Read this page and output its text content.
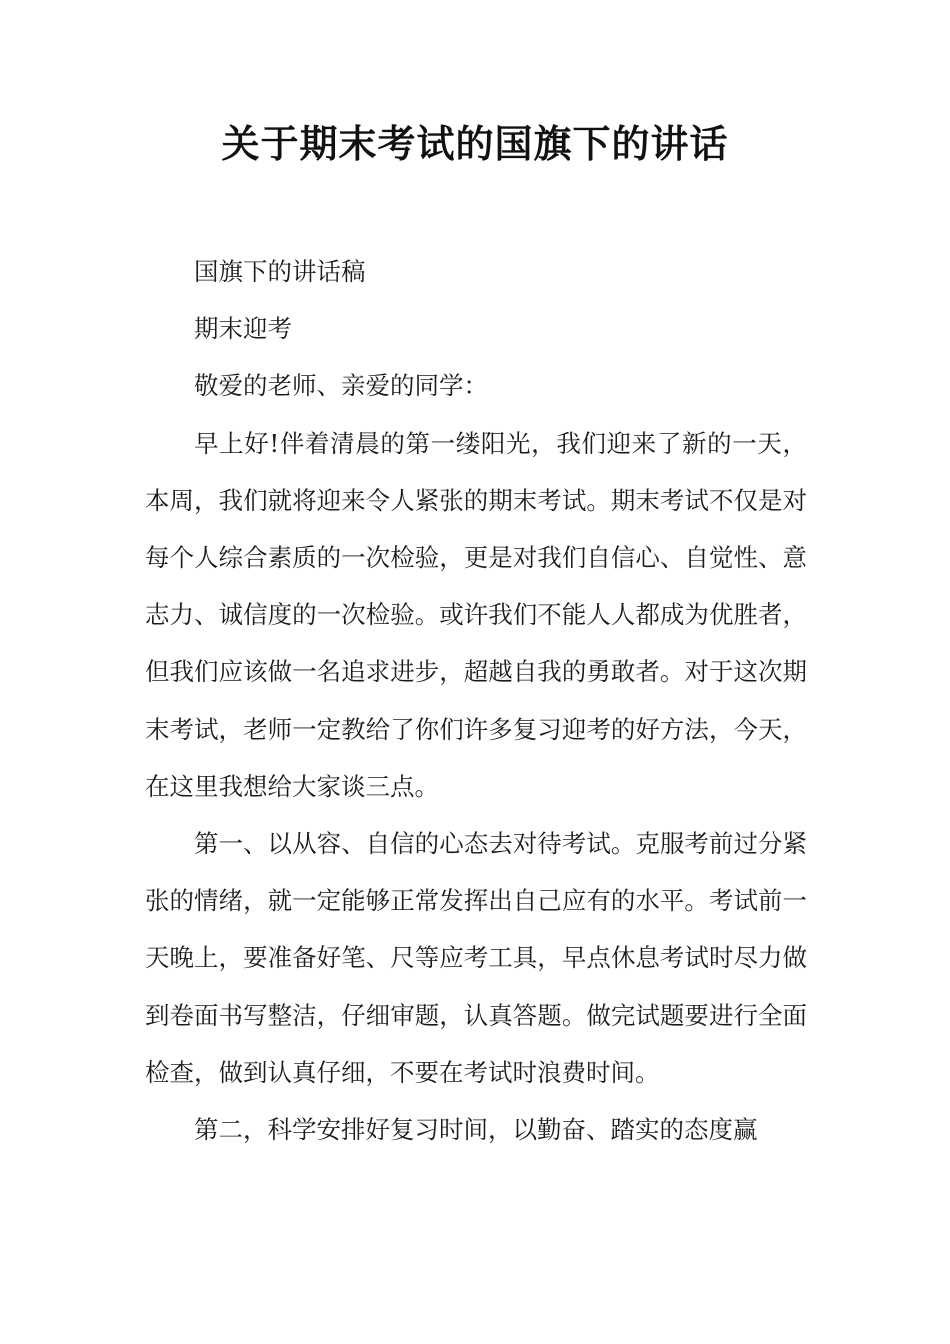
关于期末考试的国旗下的讲话

国旗下的讲话稿

期末迎考

敬爱的老师、亲爱的同学：

早上好!伴着清晨的第一缕阳光，我们迎来了新的一天，本周，我们就将迎来令人紧张的期末考试。期末考试不仅是对每个人综合素质的一次检验，更是对我们自信心、自觉性、意志力、诚信度的一次检验。或许我们不能人人都成为优胜者，但我们应该做一名追求进步，超越自我的勇敢者。对于这次期末考试，老师一定教给了你们许多复习迎考的好方法，今天，在这里我想给大家谈三点。

第一、以从容、自信的心态去对待考试。克服考前过分紧张的情绪，就一定能够正常发挥出自己应有的水平。考试前一天晚上，要准备好笔、尺等应考工具，早点休息考试时尽力做到卷面书写整洁，仔细审题，认真答题。做完试题要进行全面检查，做到认真仔细，不要在考试时浪费时间。

第二，科学安排好复习时间，以勤奋、踏实的态度赢
